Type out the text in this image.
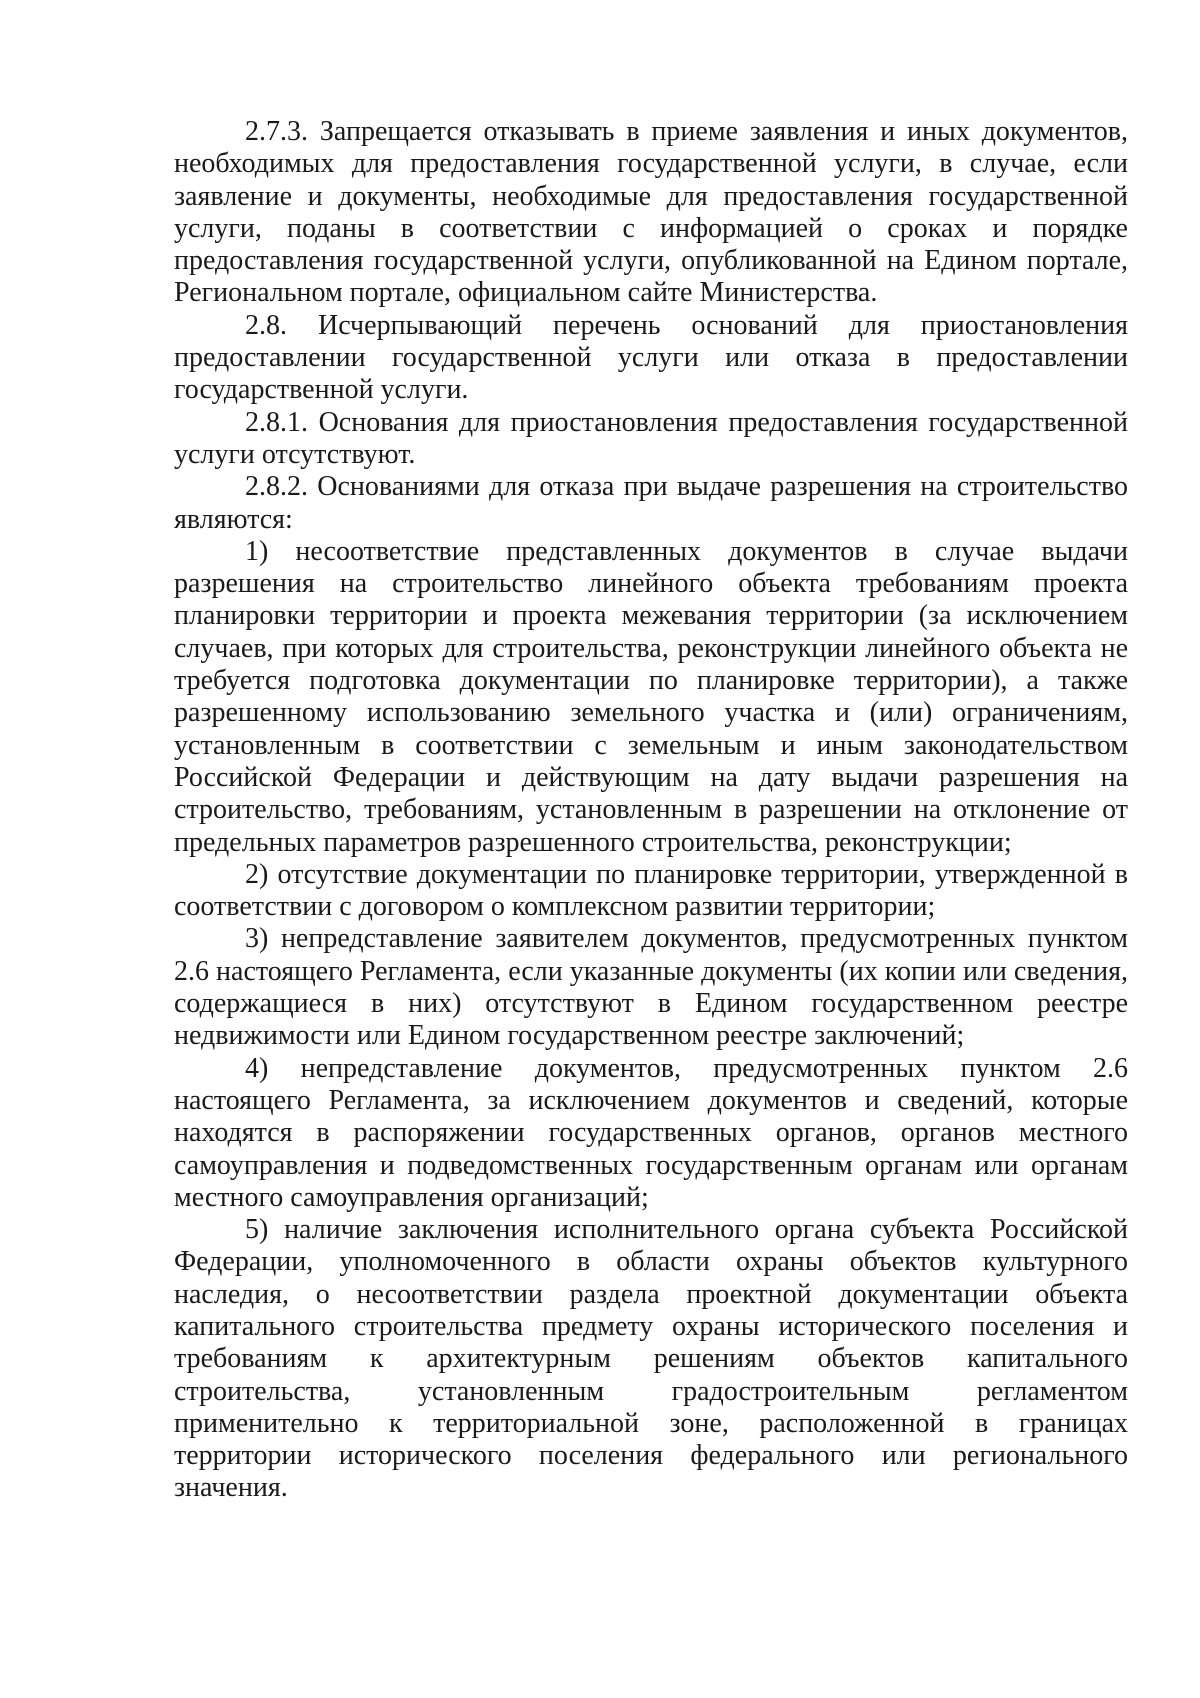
2.7.3. Запрещается отказывать в приеме заявления и иных документов, необходимых для предоставления государственной услуги, в случае, если заявление и документы, необходимые для предоставления государственной услуги, поданы в соответствии с информацией о сроках и порядке предоставления государственной услуги, опубликованной на Едином портале, Региональном портале, официальном сайте Министерства.

2.8. Исчерпывающий перечень оснований для приостановления предоставлении государственной услуги или отказа в предоставлении государственной услуги.

2.8.1. Основания для приостановления предоставления государственной услуги отсутствуют.

2.8.2. Основаниями для отказа при выдаче разрешения на строительство являются:

1) несоответствие представленных документов в случае выдачи разрешения на строительство линейного объекта требованиям проекта планировки территории и проекта межевания территории (за исключением случаев, при которых для строительства, реконструкции линейного объекта не требуется подготовка документации по планировке территории), а также разрешенному использованию земельного участка и (или) ограничениям, установленным в соответствии с земельным и иным законодательством Российской Федерации и действующим на дату выдачи разрешения на строительство, требованиям, установленным в разрешении на отклонение от предельных параметров разрешенного строительства, реконструкции;

2) отсутствие документации по планировке территории, утвержденной в соответствии с договором о комплексном развитии территории;

3) непредставление заявителем документов, предусмотренных пунктом 2.6 настоящего Регламента, если указанные документы (их копии или сведения, содержащиеся в них) отсутствуют в Едином государственном реестре недвижимости или Едином государственном реестре заключений;

4) непредставление документов, предусмотренных пунктом 2.6 настоящего Регламента, за исключением документов и сведений, которые находятся в распоряжении государственных органов, органов местного самоуправления и подведомственных государственным органам или органам местного самоуправления организаций;

5) наличие заключения исполнительного органа субъекта Российской Федерации, уполномоченного в области охраны объектов культурного наследия, о несоответствии раздела проектной документации объекта капитального строительства предмету охраны исторического поселения и требованиям к архитектурным решениям объектов капитального строительства, установленным градостроительным регламентом применительно к территориальной зоне, расположенной в границах территории исторического поселения федерального или регионального значения.
